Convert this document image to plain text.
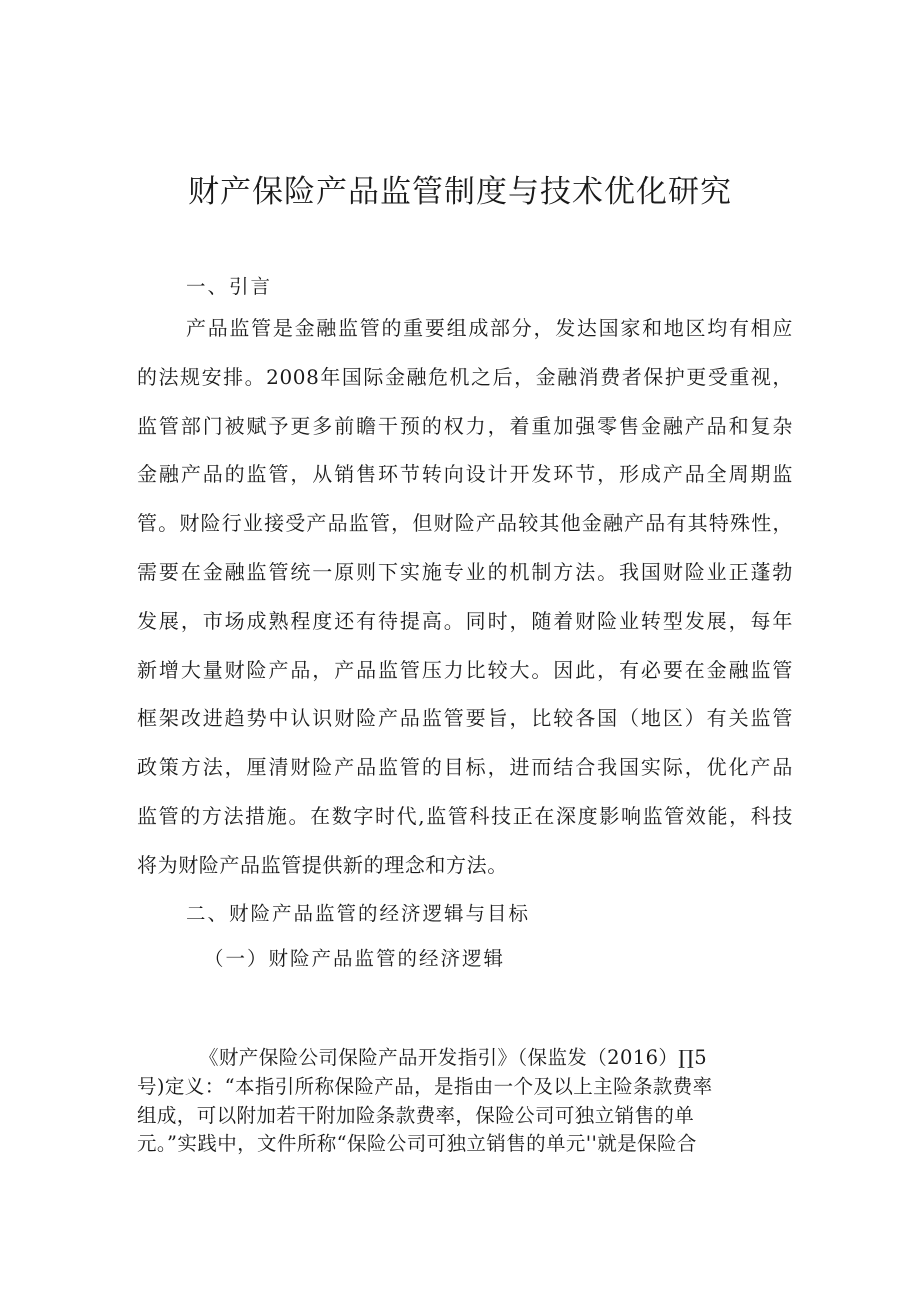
财产保险产品监管制度与技术优化研究
一、引言
产品监管是金融监管的重要组成部分，发达国家和地区均有相应
的法规安排。2008年国际金融危机之后，金融消费者保护更受重视，
监管部门被赋予更多前瞻干预的权力，着重加强零售金融产品和复杂
金融产品的监管，从销售环节转向设计开发环节，形成产品全周期监
管。财险行业接受产品监管，但财险产品较其他金融产品有其特殊性，
需要在金融监管统一原则下实施专业的机制方法。我国财险业正蓬勃
发展，市场成熟程度还有待提高。同时，随着财险业转型发展，每年
新增大量财险产品，产品监管压力比较大。因此，有必要在金融监管
框架改进趋势中认识财险产品监管要旨，比较各国（地区）有关监管
政策方法，厘清财险产品监管的目标，进而结合我国实际，优化产品
监管的方法措施。在数字时代,监管科技正在深度影响监管效能，科技
将为财险产品监管提供新的理念和方法。
二、财险产品监管的经济逻辑与目标
（一）财险产品监管的经济逻辑
《财产保险公司保险产品开发指引》（保监发（2016）∏5
号)定义：“本指引所称保险产品，是指由一个及以上主险条款费率
组成，可以附加若干附加险条款费率，保险公司可独立销售的单
元。”实践中，文件所称“保险公司可独立销售的单元''就是保险合
